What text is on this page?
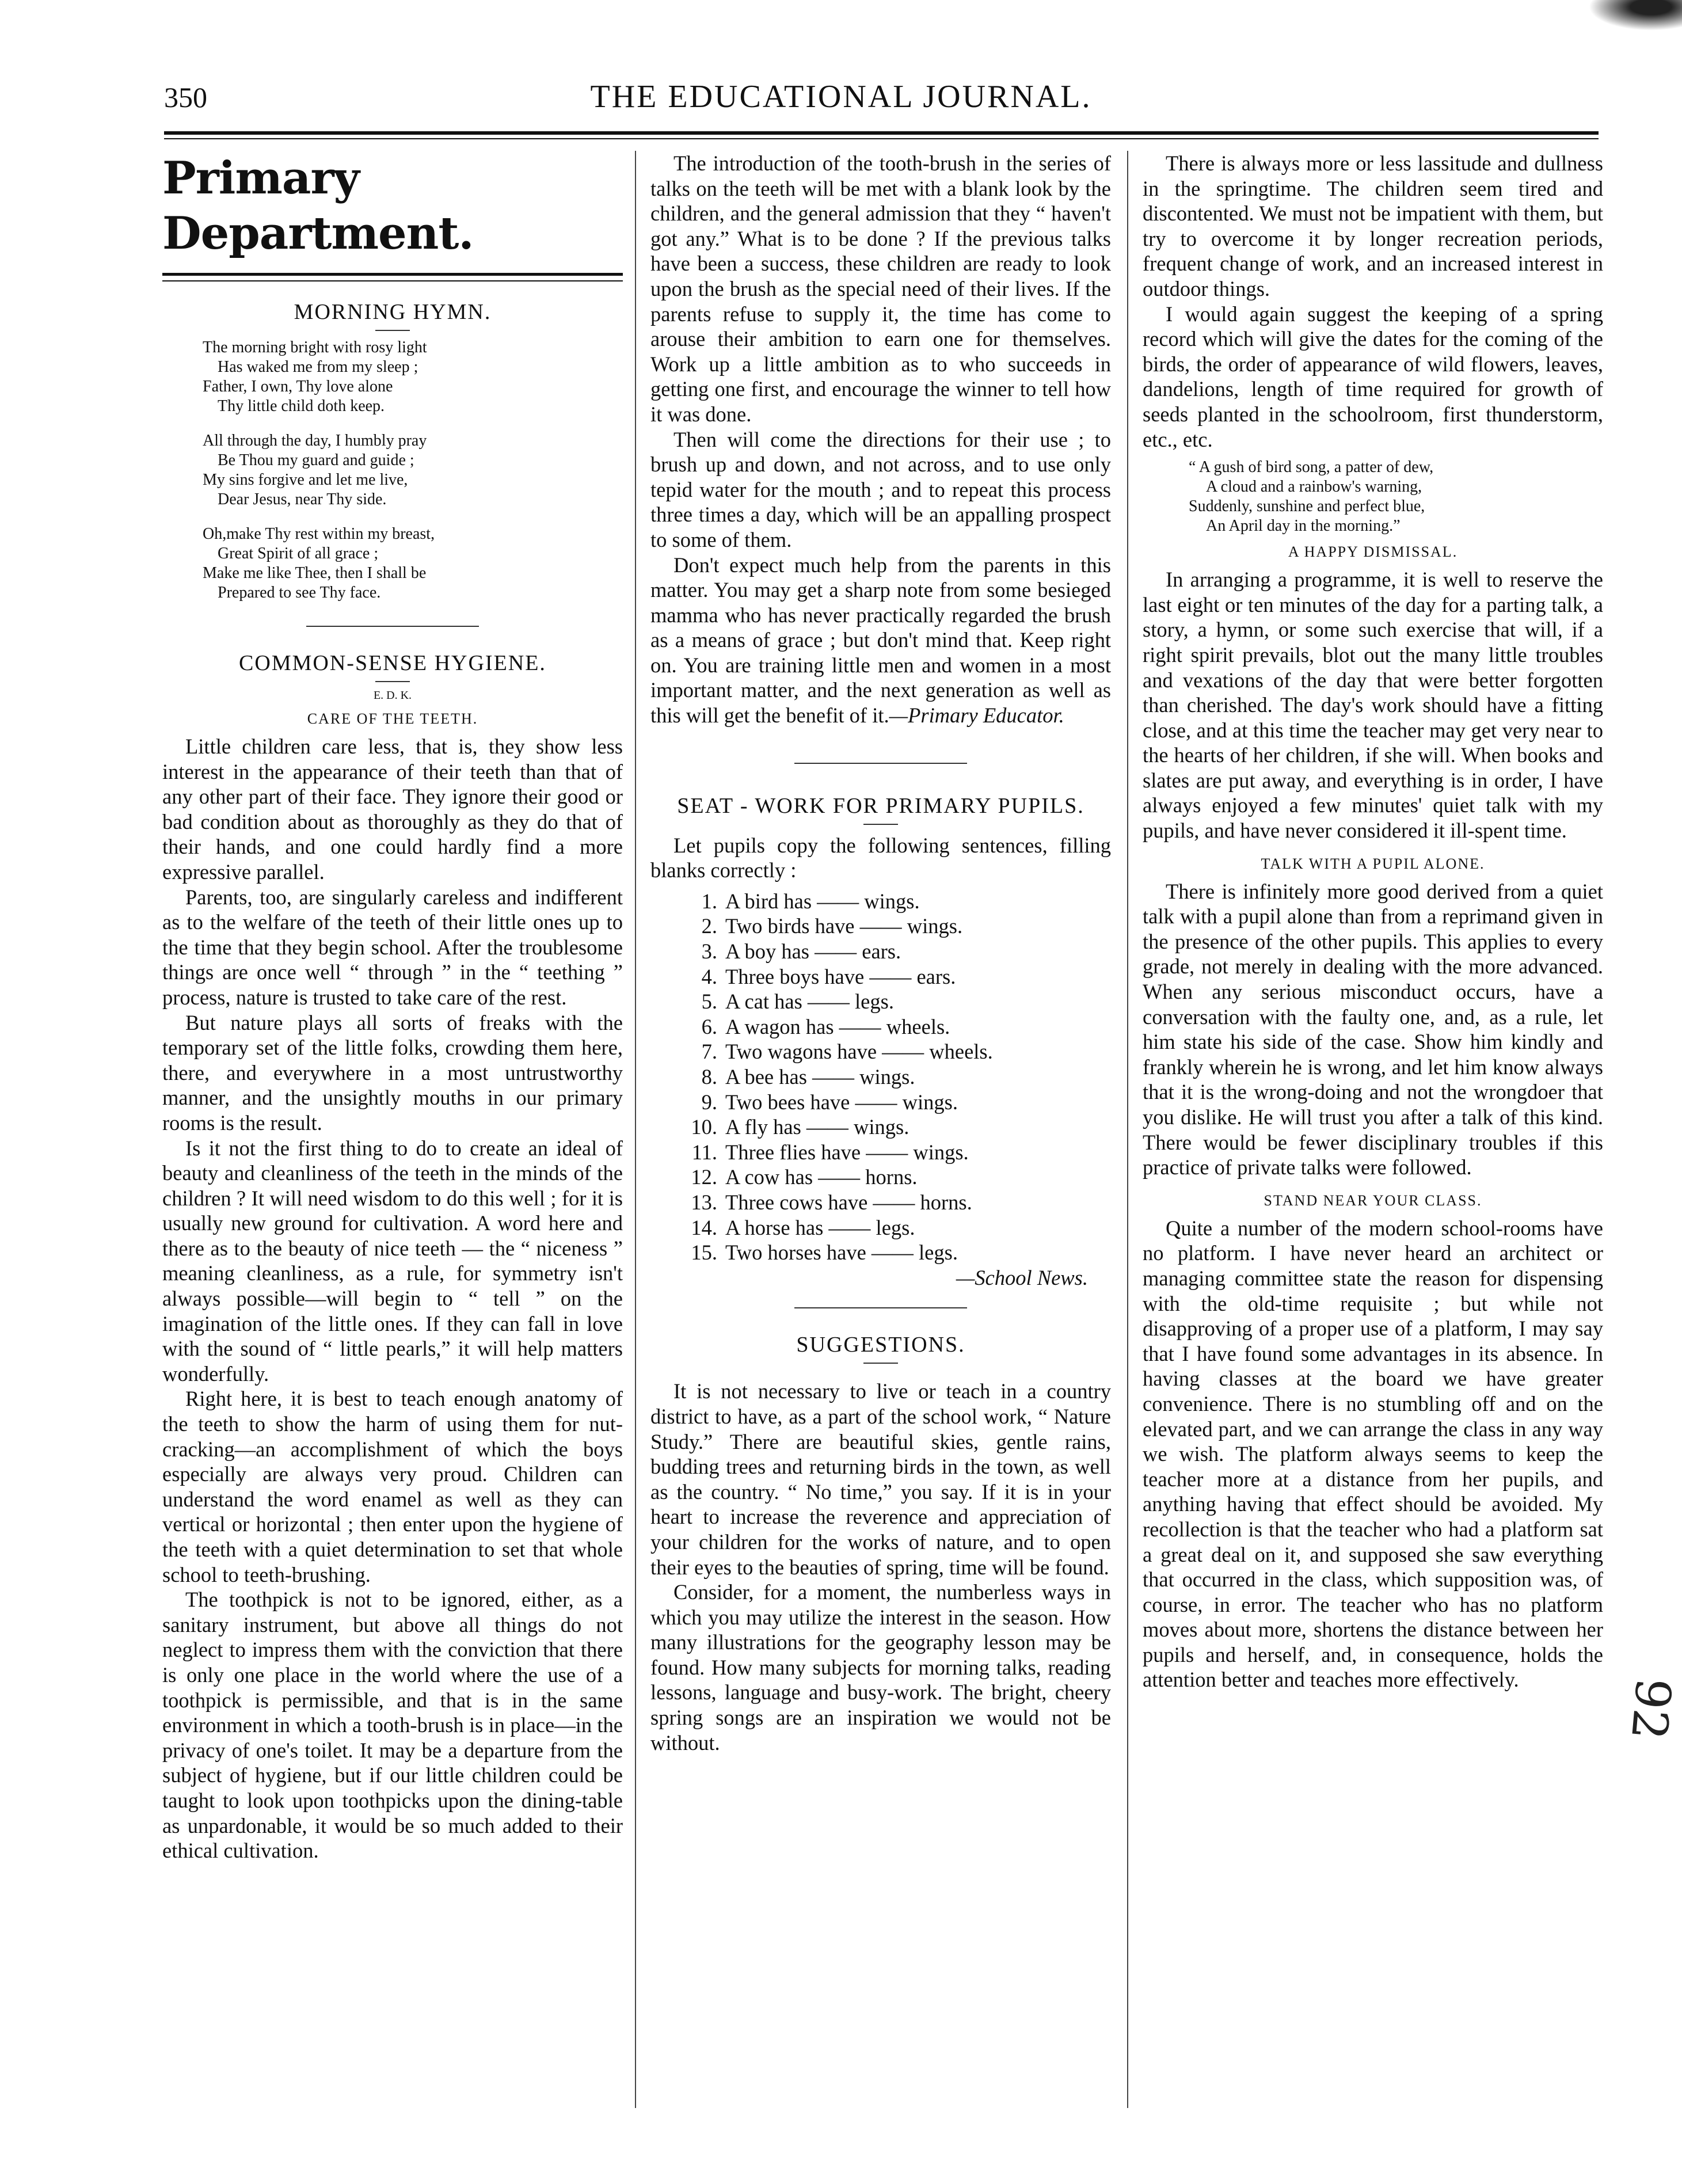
350	THE EDUCATIONAL JOURNAL.
Primary Department.
MORNING HYMN.
The morning bright with rosy light
Has waked me from my sleep ;
Father, I own, Thy love alone
Thy little child doth keep.
All through the day, I humbly pray
Be Thou my guard and guide ;
My sins forgive and let me live,
Dear Jesus, near Thy side.
Oh,make Thy rest within my breast,
Great Spirit of all grace ;
Make me like Thee, then I shall be
Prepared to see Thy face.
COMMON-SENSE HYGIENE.
E. D. K.
CARE OF THE TEETH.

Little children care less, that is, they show less interest in the appearance of their teeth than that of any other part of their face. They ignore their good or bad condition about as thoroughly as they do that of their hands, and one could hardly find a more expressive parallel.

Parents, too, are singularly careless and indifferent as to the welfare of the teeth of their little ones up to the time that they begin school. After the troublesome things are once well “ through ” in the “ teething ” process, nature is trusted to take care of the rest.

But nature plays all sorts of freaks with the temporary set of the little folks, crowding them here, there, and everywhere in a most untrustworthy manner, and the unsightly mouths in our primary rooms is the result.

Is it not the first thing to do to create an ideal of beauty and cleanliness of the teeth in the minds of the children ? It will need wisdom to do this well ; for it is usually new ground for cultivation. A word here and there as to the beauty of nice teeth — the “ niceness ” meaning cleanliness, as a rule, for symmetry isn't always possible—will begin to “ tell ” on the imagination of the little ones. If they can fall in love with the sound of “ little pearls,” it will help matters wonderfully.

Right here, it is best to teach enough anatomy of the teeth to show the harm of using them for nut-cracking—an accomplishment of which the boys especially are always very proud. Children can understand the word enamel as well as they can vertical or horizontal ; then enter upon the hygiene of the teeth with a quiet determination to set that whole school to teeth-brushing.

The toothpick is not to be ignored, either, as a sanitary instrument, but above all things do not neglect to impress them with the conviction that there is only one place in the world where the use of a toothpick is permissible, and that is in the same environment in which a tooth-brush is in place—in the privacy of one's toilet. It may be a departure from the subject of hygiene, but if our little children could be taught to look upon toothpicks upon the dining-table as unpardonable, it would be so much added to their ethical cultivation.

The introduction of the tooth-brush in the series of talks on the teeth will be met with a blank look by the children, and the general admission that they “ haven't got any.” What is to be done ? If the previous talks have been a success, these children are ready to look upon the brush as the special need of their lives. If the parents refuse to supply it, the time has come to arouse their ambition to earn one for themselves. Work up a little ambition as to who succeeds in getting one first, and encourage the winner to tell how it was done.

Then will come the directions for their use ; to brush up and down, and not across, and to use only tepid water for the mouth ; and to repeat this process three times a day, which will be an appalling prospect to some of them.

Don't expect much help from the parents in this matter. You may get a sharp note from some besieged mamma who has never practically regarded the brush as a means of grace ; but don't mind that. Keep right on. You are training little men and women in a most important matter, and the next generation as well as this will get the benefit of it.—Primary Educator.

SEAT - WORK FOR PRIMARY PUPILS.

Let pupils copy the following sentences, filling blanks correctly :

1. A bird has —— wings.
2. Two birds have —— wings.
3. A boy has —— ears.
4. Three boys have —— ears.
5. A cat has —— legs.
6. A wagon has —— wheels.
7. Two wagons have —— wheels.
8. A bee has —— wings.
9. Two bees have —— wings.
10. A fly has —— wings.
11. Three flies have —— wings.
12. A cow has —— horns.
13. Three cows have —— horns.
14. A horse has —— legs.
15. Two horses have —— legs.
—School News.
SUGGESTIONS.

It is not necessary to live or teach in a country district to have, as a part of the school work, “ Nature Study.” There are beautiful skies, gentle rains, budding trees and returning birds in the town, as well as the country. “ No time,” you say. If it is in your heart to increase the reverence and appreciation of your children for the works of nature, and to open their eyes to the beauties of spring, time will be found.

Consider, for a moment, the numberless ways in which you may utilize the interest in the season. How many illustrations for the geography lesson may be found. How many subjects for morning talks, reading lessons, language and busy-work. The bright, cheery spring songs are an inspiration we would not be without.

There is always more or less lassitude and dullness in the springtime. The children seem tired and discontented. We must not be impatient with them, but try to overcome it by longer recreation periods, frequent change of work, and an increased interest in outdoor things.

I would again suggest the keeping of a spring record which will give the dates for the coming of the birds, the order of appearance of wild flowers, leaves, dandelions, length of time required for growth of seeds planted in the schoolroom, first thunderstorm, etc., etc.

“ A gush of bird song, a patter of dew,
A cloud and a rainbow's warning,
Suddenly, sunshine and perfect blue,
An April day in the morning.”
A HAPPY DISMISSAL.

In arranging a programme, it is well to reserve the last eight or ten minutes of the day for a parting talk, a story, a hymn, or some such exercise that will, if a right spirit prevails, blot out the many little troubles and vexations of the day that were better forgotten than cherished. The day's work should have a fitting close, and at this time the teacher may get very near to the hearts of her children, if she will. When books and slates are put away, and everything is in order, I have always enjoyed a few minutes' quiet talk with my pupils, and have never considered it ill-spent time.

TALK WITH A PUPIL ALONE.

There is infinitely more good derived from a quiet talk with a pupil alone than from a reprimand given in the presence of the other pupils. This applies to every grade, not merely in dealing with the more advanced. When any serious misconduct occurs, have a conversation with the faulty one, and, as a rule, let him state his side of the case. Show him kindly and frankly wherein he is wrong, and let him know always that it is the wrong-doing and not the wrongdoer that you dislike. He will trust you after a talk of this kind. There would be fewer disciplinary troubles if this practice of private talks were followed.

STAND NEAR YOUR CLASS.

Quite a number of the modern school-rooms have no platform. I have never heard an architect or managing committee state the reason for dispensing with the old-time requisite ; but while not disapproving of a proper use of a platform, I may say that I have found some advantages in its absence. In having classes at the board we have greater convenience. There is no stumbling off and on the elevated part, and we can arrange the class in any way we wish. The platform always seems to keep the teacher more at a distance from her pupils, and anything having that effect should be avoided. My recollection is that the teacher who had a platform sat a great deal on it, and supposed she saw everything that occurred in the class, which supposition was, of course, in error. The teacher who has no platform moves about more, shortens the distance between her pupils and herself, and, in consequence, holds the attention better and teaches more effectively.	92
